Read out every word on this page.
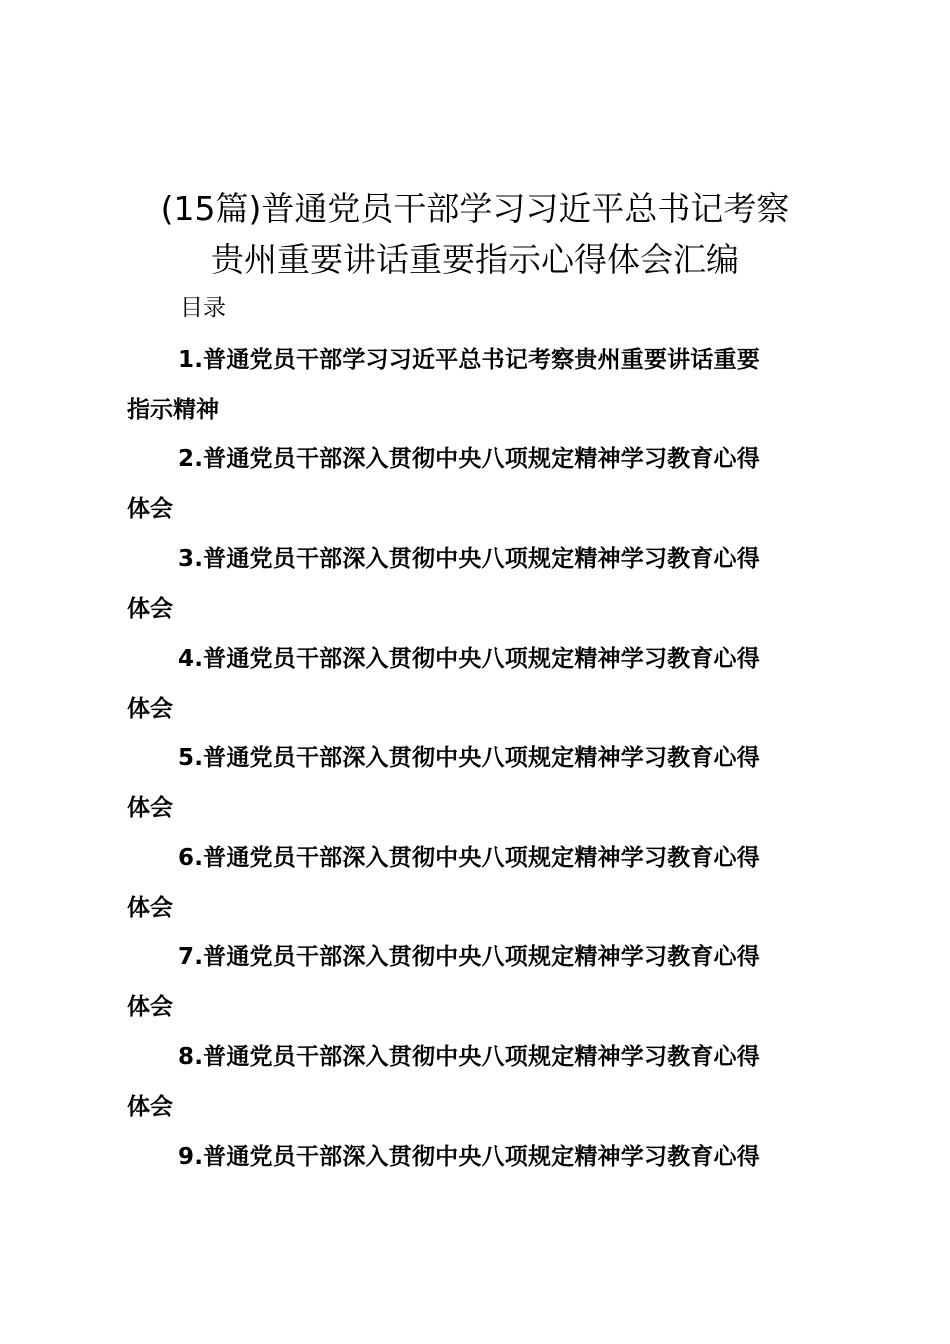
(15篇)普通党员干部学习习近平总书记考察
贵州重要讲话重要指示心得体会汇编
目录
1.普通党员干部学习习近平总书记考察贵州重要讲话重要
指示精神
2.普通党员干部深入贯彻中央八项规定精神学习教育心得
体会
3.普通党员干部深入贯彻中央八项规定精神学习教育心得
体会
4.普通党员干部深入贯彻中央八项规定精神学习教育心得
体会
5.普通党员干部深入贯彻中央八项规定精神学习教育心得
体会
6.普通党员干部深入贯彻中央八项规定精神学习教育心得
体会
7.普通党员干部深入贯彻中央八项规定精神学习教育心得
体会
8.普通党员干部深入贯彻中央八项规定精神学习教育心得
体会
9.普通党员干部深入贯彻中央八项规定精神学习教育心得
